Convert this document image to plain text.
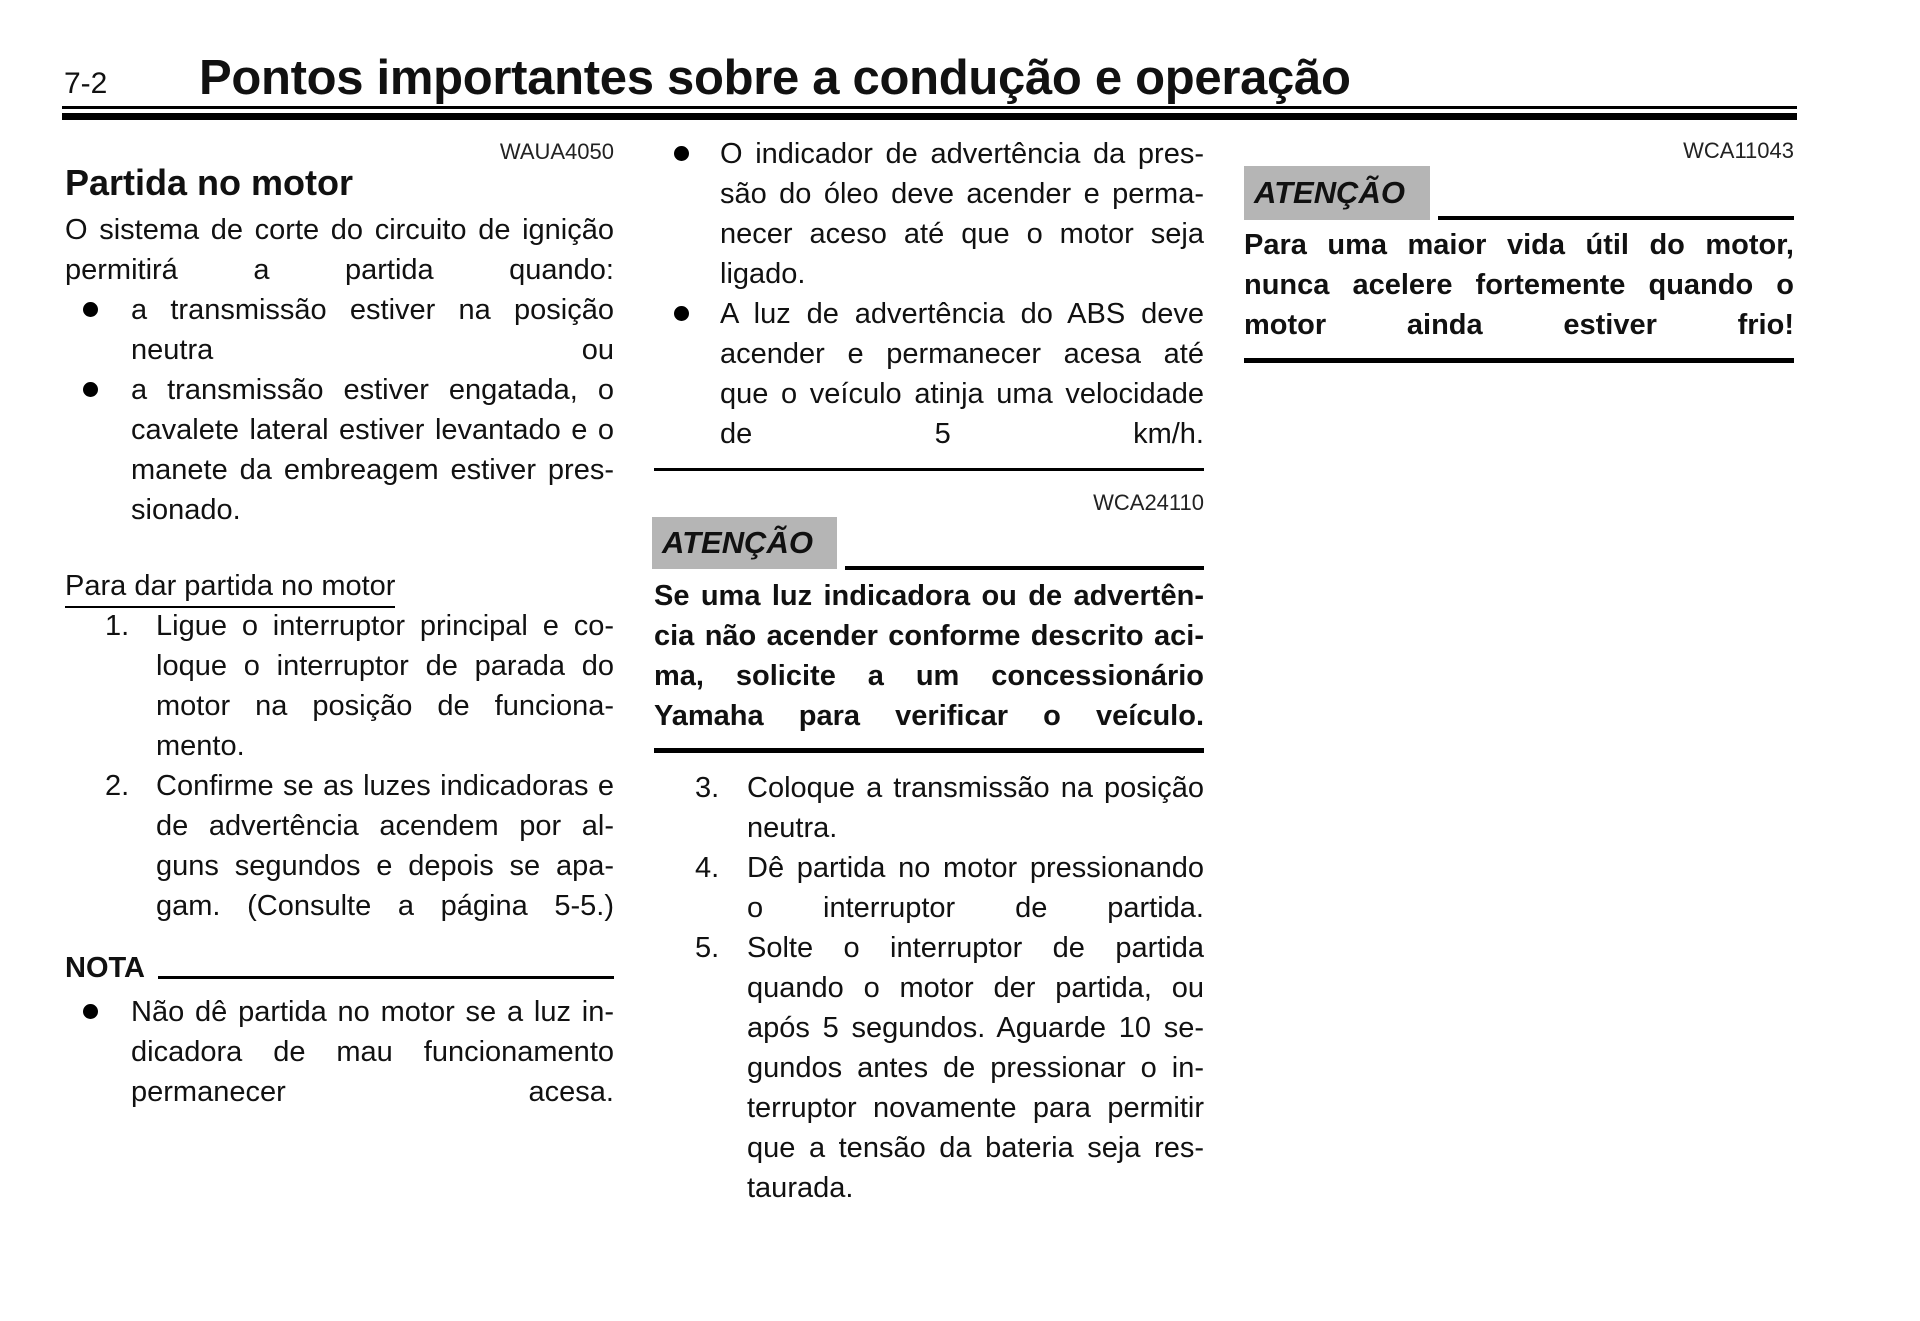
7-2 Pontos importantes sobre a condução e operação
WAUA4050
Partida no motor
O sistema de corte do circuito de ignição
permitirá a partida quando:
a transmissão estiver na posição
neutra ou
a transmissão estiver engatada, o
cavalete lateral estiver levantado e o
manete da embreagem estiver pres-
sionado.
Para dar partida no motor
1. Ligue o interruptor principal e co-
loque o interruptor de parada do
motor na posição de funciona-
mento.
2. Confirme se as luzes indicadoras e
de advertência acendem por al-
guns segundos e depois se apa-
gam. (Consulte a página 5-5.)
NOTA
Não dê partida no motor se a luz in-
dicadora de mau funcionamento
permanecer acesa.
O indicador de advertência da pres-
são do óleo deve acender e perma-
necer aceso até que o motor seja
ligado.
A luz de advertência do ABS deve
acender e permanecer acesa até
que o veículo atinja uma velocidade
de 5 km/h.
WCA24110
ATENÇÃO
Se uma luz indicadora ou de advertên-
cia não acender conforme descrito aci-
ma, solicite a um concessionário
Yamaha para verificar o veículo.
3. Coloque a transmissão na posição
neutra.
4. Dê partida no motor pressionando
o interruptor de partida.
5. Solte o interruptor de partida
quando o motor der partida, ou
após 5 segundos. Aguarde 10 se-
gundos antes de pressionar o in-
terruptor novamente para permitir
que a tensão da bateria seja res-
taurada.
WCA11043
ATENÇÃO
Para uma maior vida útil do motor,
nunca acelere fortemente quando o
motor ainda estiver frio!
